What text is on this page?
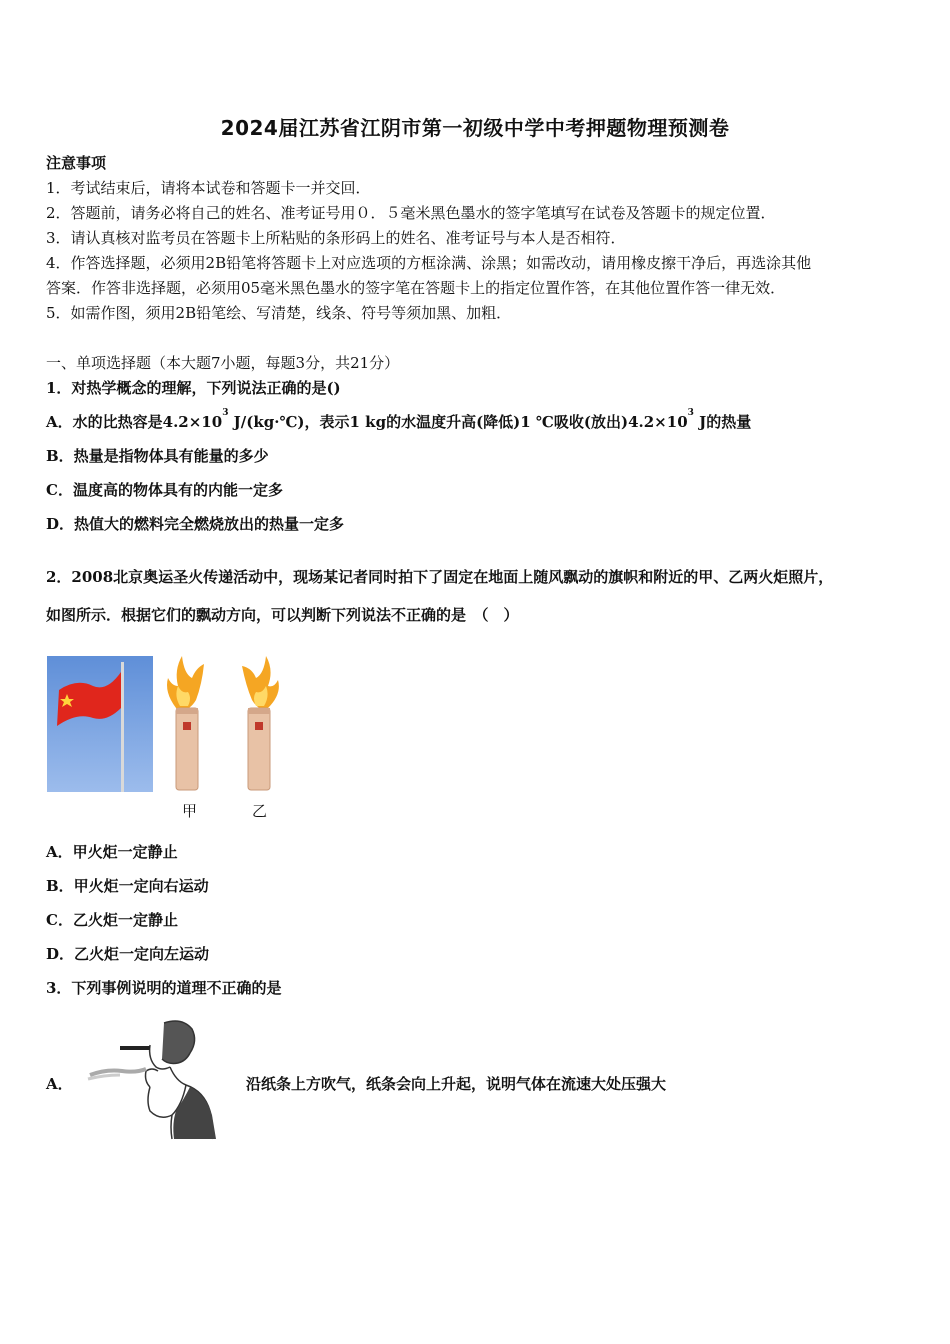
2024届江苏省江阴市第一初级中学中考押题物理预测卷
注意事项
1．考试结束后，请将本试卷和答题卡一并交回．
2．答题前，请务必将自己的姓名、准考证号用０．５毫米黑色墨水的签字笔填写在试卷及答题卡的规定位置．
3．请认真核对监考员在答题卡上所粘贴的条形码上的姓名、准考证号与本人是否相符．
4．作答选择题，必须用2B铅笔将答题卡上对应选项的方框涂满、涂黑；如需改动，请用橡皮擦干净后，再选涂其他
答案．作答非选择题，必须用05毫米黑色墨水的签字笔在答题卡上的指定位置作答，在其他位置作答一律无效．
5．如需作图，须用2B铅笔绘、写清楚，线条、符号等须加黑、加粗．
一、单项选择题（本大题7小题，每题3分，共21分）
1．对热学概念的理解，下列说法正确的是()
A．水的比热容是$4.2\times 10^3$ J/(kg·℃)，表示1 kg的水温度升高(降低)1 ℃吸收(放出)$4.2\times 10^3$ J的热量
B．热量是指物体具有能量的多少
C．温度高的物体具有的内能一定多
D．热值大的燃料完全燃烧放出的热量一定多
2．2008北京奥运圣火传递活动中，现场某记者同时拍下了固定在地面上随风飘动的旗帜和附近的甲、乙两火炬照片，
如图所示．根据它们的飘动方向，可以判断下列说法不正确的是　（　）
甲	乙
A．甲火炬一定静止
B．甲火炬一定向右运动
C．乙火炬一定静止
D．乙火炬一定向左运动
3．下列事例说明的道理不正确的是
A．	沿纸条上方吹气，纸条会向上升起，说明气体在流速大处压强大
